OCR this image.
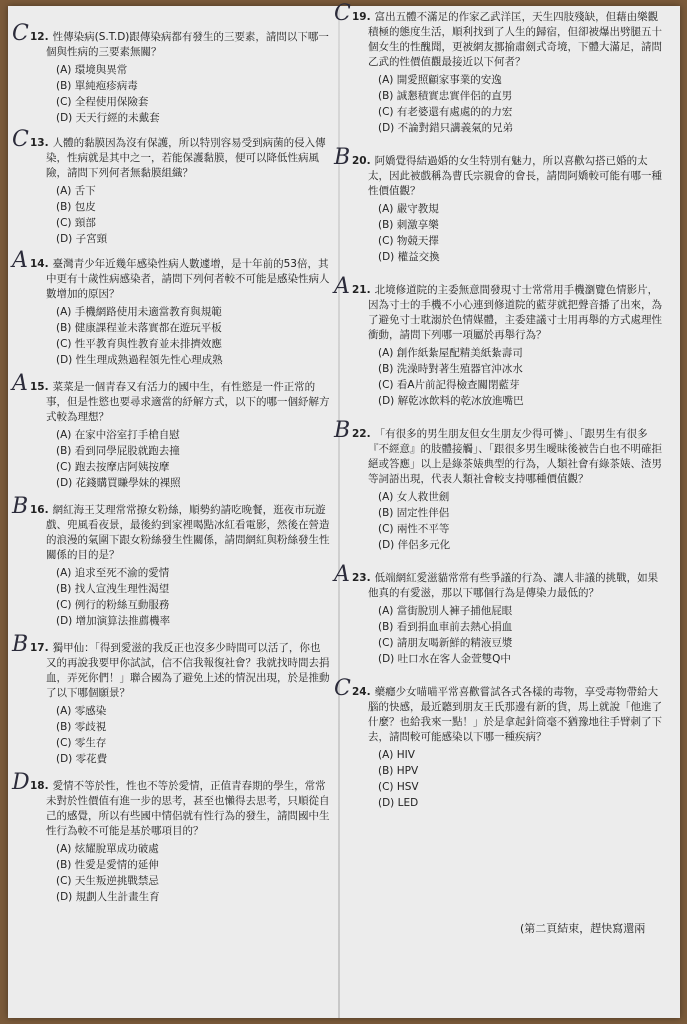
C 12. 性傳染病(S.T.D)跟傳染病都有發生的三要素，請問以下哪一個與性病的三要素無關？
(A) 環境與異常
(B) 單純疱疹病毒
(C) 全程使用保險套
(D) 天天行經的未戴套
C 13. 人體的黏膜因為沒有保護，所以特別容易受到病菌的侵入傳染，性病就是其中之一，若能保護黏膜，便可以降低性病風險，請問下列何者無黏膜組織？
(A) 舌下
(B) 包皮
(C) 頸部
(D) 子宮頸
A 14. 臺灣青少年近幾年感染性病人數遽增，是十年前的53倍，其中更有十歲性病感染者，請問下列何者較不可能是感染性病人數增加的原因？
(A) 手機網路使用未適當教育與規範
(B) 健康課程並未落實都在遊玩平板
(C) 性平教育與性教育並未排擠效應
(D) 性生理成熟過程領先性心理成熟
A 15. 菜菜是一個青春又有活力的國中生，有性慾是一件正常的事，但是性慾也要尋求適當的紓解方式，以下的哪一個紓解方式較為理想？
(A) 在家中浴室打手槍自慰
(B) 看到同學屁股就跑去撞
(C) 跑去按摩店阿姨按摩
(D) 花錢購買賺學妹的裸照
B 16. 網紅海王艾理常常撩女粉絲，順勢約請吃晚餐，逛夜市玩遊戲、兜風看夜景，最後約到家裡喝點冰紅看電影，然後在營造的浪漫的氣圍下跟女粉絲發生性關係，請問網紅與粉絲發生性關係的目的是？
(A) 追求至死不渝的愛情
(B) 找人宣洩生理性渴望
(C) 例行的粉絲互動服務
(D) 增加演算法推薦機率
B 17. 獨甲仙：「得到愛滋的我反正也沒多少時間可以活了，你也又的再說我要甲你試試，信不信我報復社會？我就找時間去捐血，弄死你們！」聯合國為了避免上述的情況出現，於是推動了以下哪個願景？
(A) 零感染
(B) 零歧視
(C) 零生存
(D) 零花費
D 18. 愛情不等於性，性也不等於愛情，正值青春期的學生，常常未對於性價值有進一步的思考，甚至也懶得去思考，只順從自己的感覺，所以有些國中情侶就有性行為的發生，請問國中生性行為較不可能是基於哪項目的？
(A) 炫耀脫單成功破處
(B) 性愛是愛情的延伸
(C) 天生叛逆挑戰禁忌
(D) 規劃人生計畫生育
C 19. 富出五體不滿足的作家乙武洋匡，天生四肢殘缺，但藉由樂觀積極的態度生活，順利找到了人生的歸宿，但卻被爆出劈腿五十個女生的性醜聞，更被網友挪揄肅劍式奇境，下體大滿足，請問乙武的性價值觀最接近以下何者？
(A) 開愛照顧家事業的安逸
(B) 誠懇積實忠實伴侶的直男
(C) 有老婆還有處處的的力宏
(D) 不論對錯只講義氣的兄弟
B 20. 阿嬌覺得結過婚的女生特別有魅力，所以喜歡勾搭已婚的太太，因此被戲稱為曹氏宗親會的會長，請問阿嬌較可能有哪一種性價值觀？
(A) 嚴守教規
(B) 刺激享樂
(C) 物競天擇
(D) 權益交換
A 21. 北境修道院的主委無意間發現寸士常常用手機瀏覽色情影片，因為寸士的手機不小心連到修道院的藍芽就把聲音播了出來，為了避免寸士耽溺於色情媒體，主委建議寸士用再舉的方式處理性衝動，請問下列哪一項屬於再舉行為？
(A) 創作紙紮屋配精美紙紮壽司
(B) 洗澡時對著生殖器官沖冰水
(C) 看A片前記得檢查關閉藍芽
(D) 解乾冰飲料的乾冰放進嘴巴
B 22. 「有很多的男生朋友但女生朋友少得可憐」、「跟男生有很多『不經意』的肢體接觸」、「跟很多男生曖昧後被告白也不明確拒絕或答應」以上是綠茶婊典型的行為，人類社會有綠茶婊、渣男等詞語出現，代表人類社會較支持哪種價值觀？
(A) 女人救世劍
(B) 固定性伴侶
(C) 兩性不平等
(D) 伴侶多元化
A 23. 低端網紅愛滋貓常常有些爭議的行為、讓人非議的挑戰，如果他真的有愛滋，那以下哪個行為是傳染力最低的？
(A) 當街脫別人褲子捕他屁眼
(B) 看到捐血車前去熱心捐血
(C) 請朋友喝新鮮的精液豆漿
(D) 吐口水在客人金萱雙Q中
C 24. 藥癮少女喵喵平常喜歡嘗試各式各樣的毒物，享受毒物帶給大腦的快感，最近聽到朋友王氏那邊有新的貨，馬上就說「他進了什麼？也給我來一點！」於是拿起針筒毫不猶豫地往手臂刺了下去，請問較可能感染以下哪一種疾病？
(A) HIV
(B) HPV
(C) HSV
(D) LED
(第二頁結束，趕快寫還兩
